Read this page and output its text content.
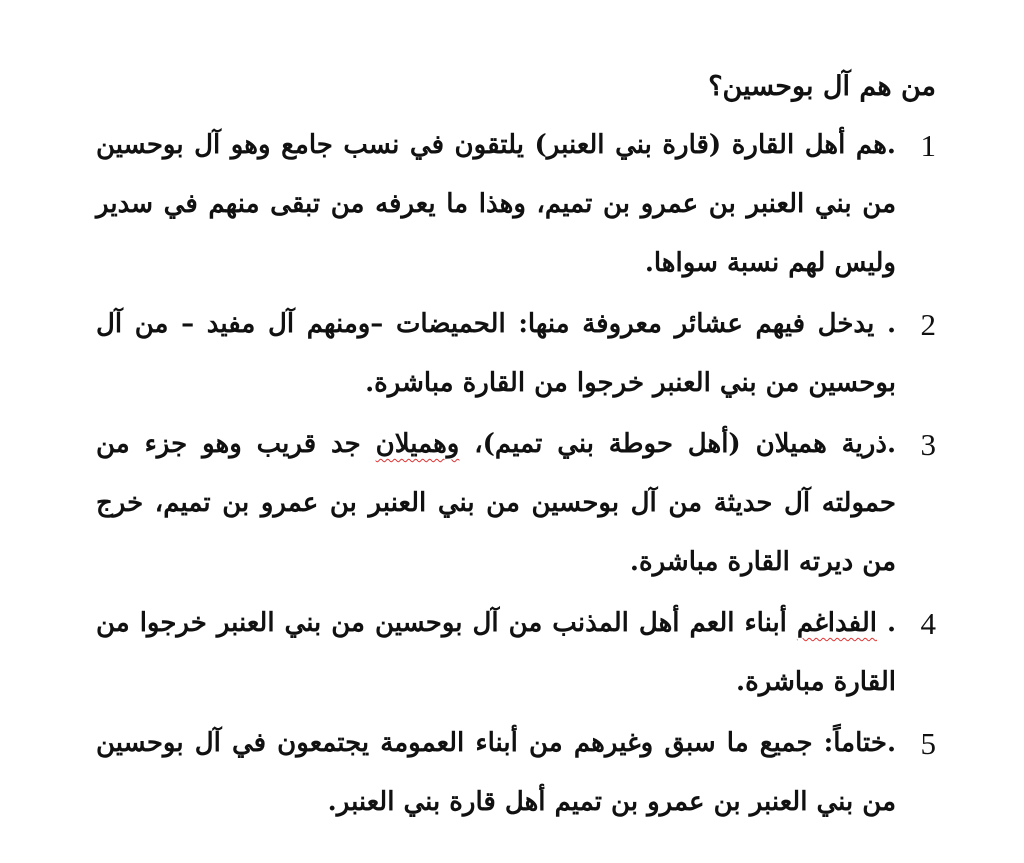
من هم آل بوحسين؟
1
.هم أهل القارة (قارة بني العنبر) يلتقون في نسب جامع وهو آل بوحسين من بني العنبر بن عمرو بن تميم، وهذا ما يعرفه من تبقى منهم في سدير وليس لهم نسبة سواها.
2
. يدخل فيهم عشائر معروفة منها: الحميضات –ومنهم آل مفيد – من آل بوحسين من بني العنبر خرجوا من القارة مباشرة.
3
.ذرية هميلان (أهل حوطة بني تميم)، وهميلان جد قريب وهو جزء من حمولته آل حديثة من آل بوحسين من بني العنبر بن عمرو بن تميم، خرج من ديرته القارة مباشرة.
4
. الفداغم أبناء العم أهل المذنب من آل بوحسين من بني العنبر خرجوا من القارة مباشرة.
5
.ختاماً: جميع ما سبق وغيرهم من أبناء العمومة يجتمعون في آل بوحسين من بني العنبر بن عمرو بن تميم أهل قارة بني العنبر.
